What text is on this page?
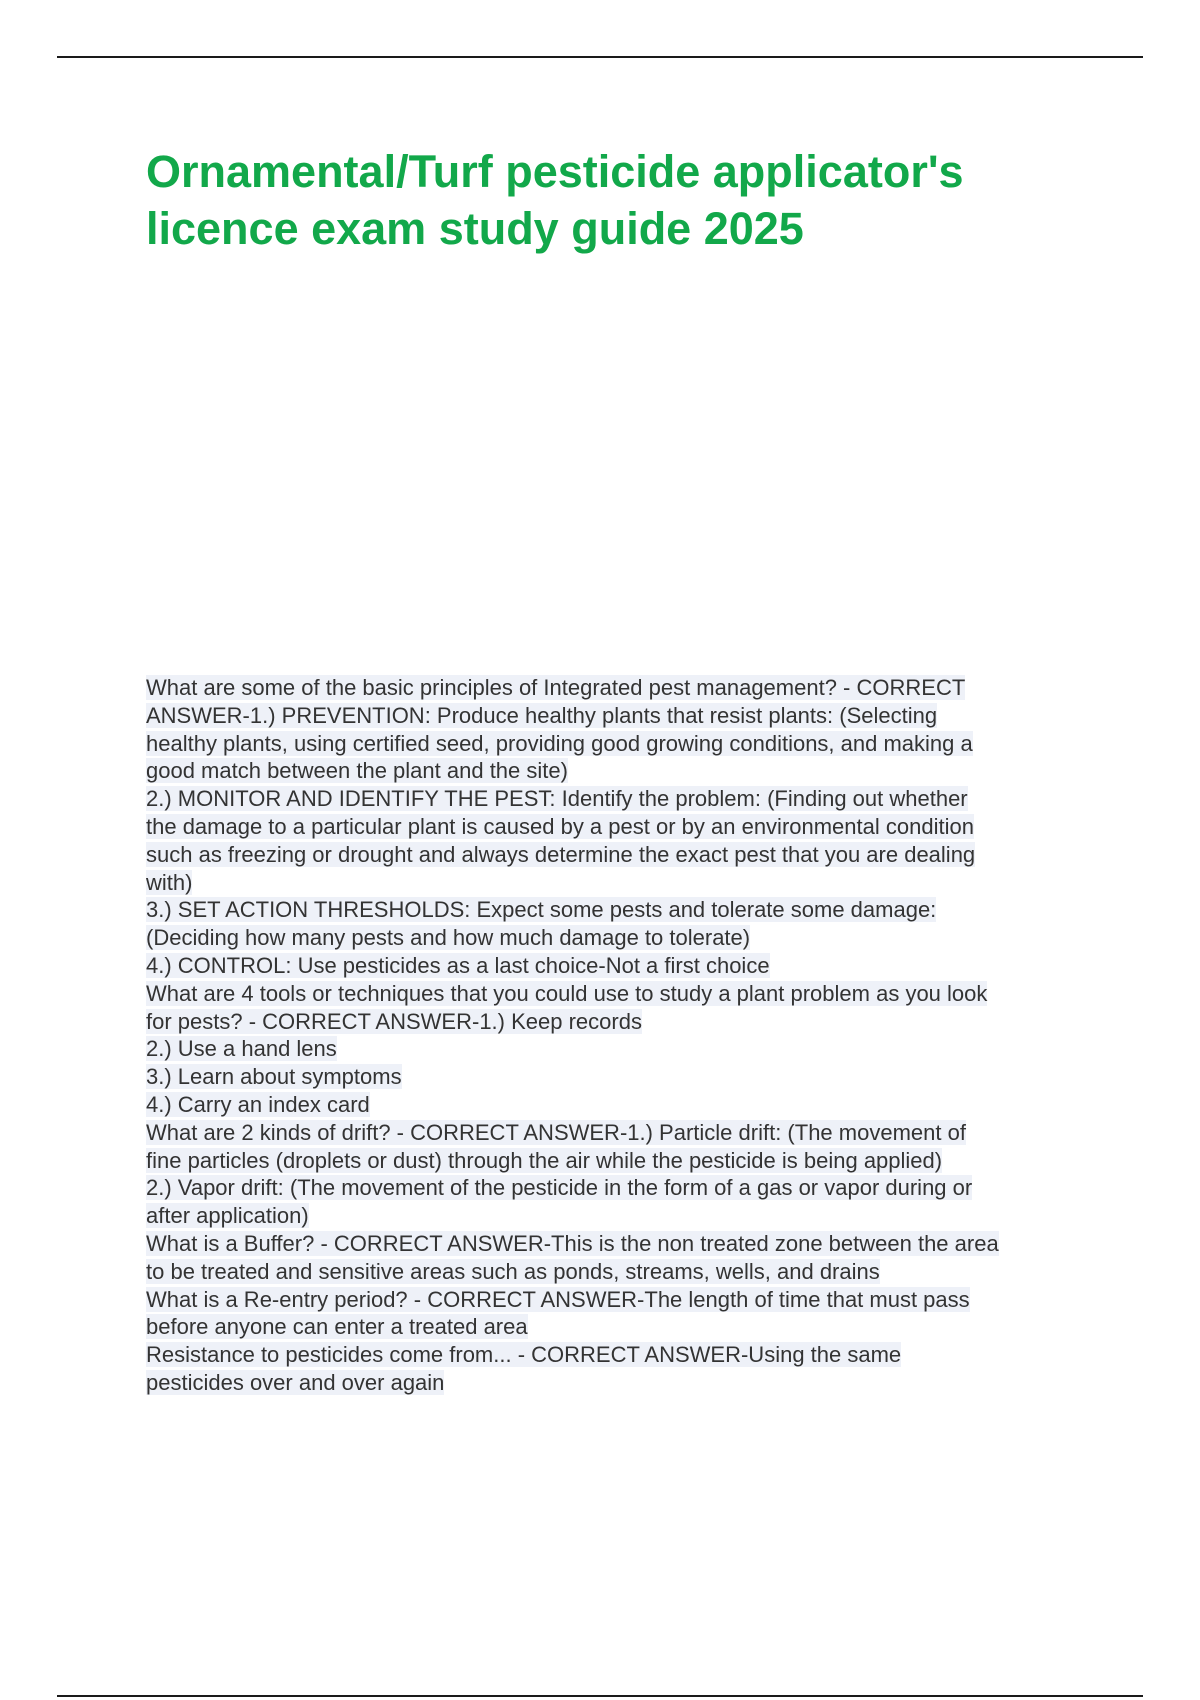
Ornamental/Turf pesticide applicator's
licence exam study guide 2025
What are some of the basic principles of Integrated pest management? - CORRECT
ANSWER-1.) PREVENTION: Produce healthy plants that resist plants: (Selecting
healthy plants, using certified seed, providing good growing conditions, and making a
good match between the plant and the site)
2.) MONITOR AND IDENTIFY THE PEST: Identify the problem: (Finding out whether
the damage to a particular plant is caused by a pest or by an environmental condition
such as freezing or drought and always determine the exact pest that you are dealing
with)
3.) SET ACTION THRESHOLDS: Expect some pests and tolerate some damage:
(Deciding how many pests and how much damage to tolerate)
4.) CONTROL: Use pesticides as a last choice-Not a first choice
What are 4 tools or techniques that you could use to study a plant problem as you look
for pests? - CORRECT ANSWER-1.) Keep records
2.) Use a hand lens
3.) Learn about symptoms
4.) Carry an index card
What are 2 kinds of drift? - CORRECT ANSWER-1.) Particle drift: (The movement of
fine particles (droplets or dust) through the air while the pesticide is being applied)
2.) Vapor drift: (The movement of the pesticide in the form of a gas or vapor during or
after application)
What is a Buffer? - CORRECT ANSWER-This is the non treated zone between the area
to be treated and sensitive areas such as ponds, streams, wells, and drains
What is a Re-entry period? - CORRECT ANSWER-The length of time that must pass
before anyone can enter a treated area
Resistance to pesticides come from... - CORRECT ANSWER-Using the same
pesticides over and over again
